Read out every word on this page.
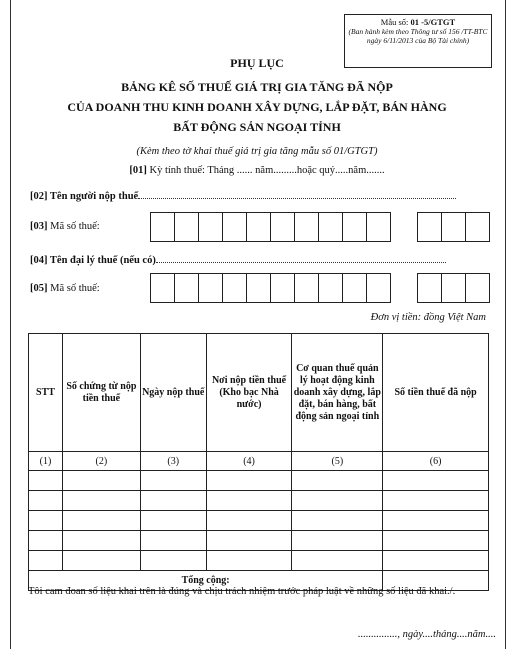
Mẫu số: 01 -5/GTGT
(Ban hành kèm theo Thông tư số 156 /TT-BTC ngày 6/11/2013 của Bộ Tài chính)
PHỤ LỤC
BẢNG KÊ SỐ THUẾ GIÁ TRỊ GIA TĂNG ĐÃ NỘP
CỦA DOANH THU KINH DOANH XÂY DỰNG, LẮP ĐẶT, BÁN HÀNG
BẤT ĐỘNG SẢN NGOẠI TỈNH
(Kèm theo tờ khai thuế giá trị gia tăng mẫu số 01/GTGT)
[01] Kỳ tính thuế: Tháng ...... năm.........hoặc quý.....năm.......
[02] Tên người nộp thuế
[03] Mã số thuế:
[04] Tên đại lý thuế (nếu có)
[05] Mã số thuế:
Đơn vị tiền: đồng Việt Nam
STT	Số chứng từ nộp tiền thuế	Ngày nộp thuế	Nơi nộp tiền thuế (Kho bạc Nhà nước)	Cơ quan thuế quản lý hoạt động kinh doanh xây dựng, lắp đặt, bán hàng, bất động sản ngoại tỉnh	Số tiền thuế đã nộp
(1)	(2)	(3)	(4)	(5)	(6)

Tổng cộng:					
Tôi cam đoan số liệu khai trên là đúng và chịu trách nhiệm trước pháp luật về những số liệu đã khai./.
..............., ngày....tháng....năm....
